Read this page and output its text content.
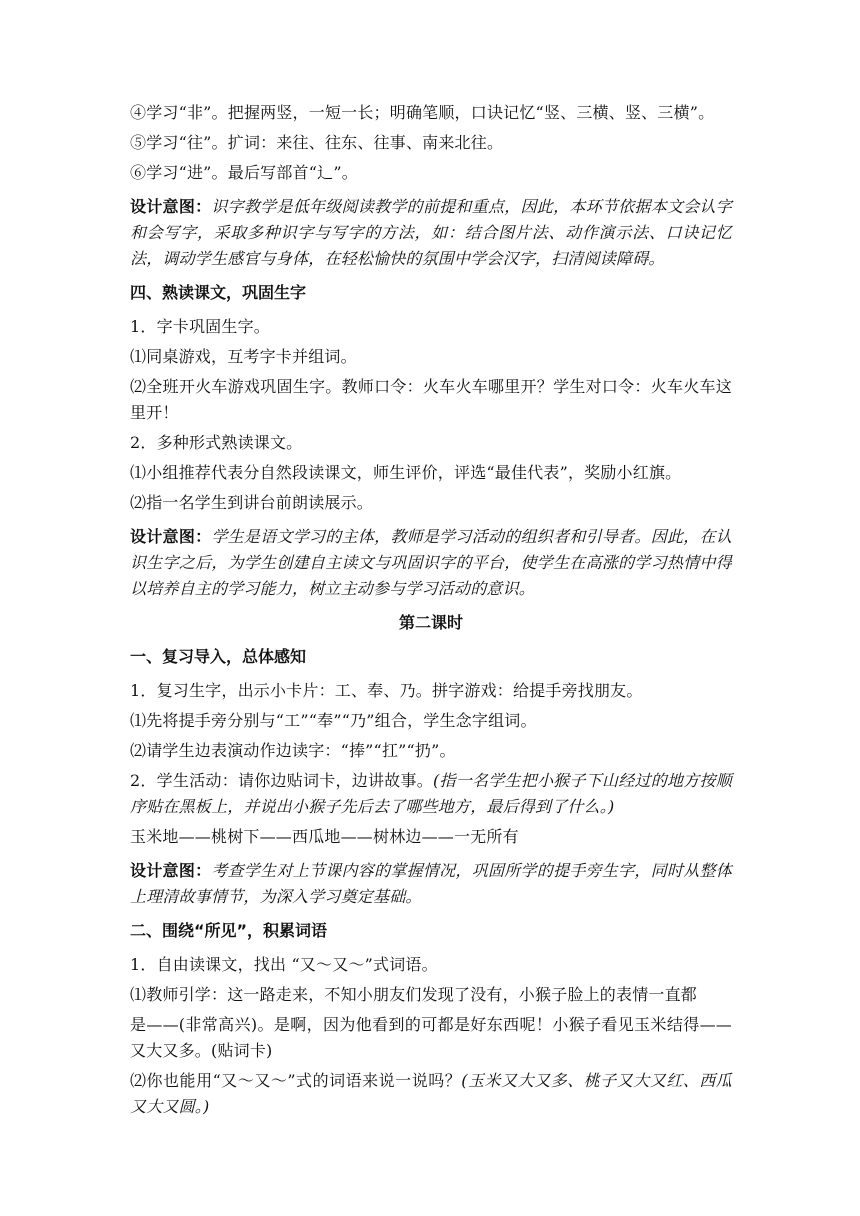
④学习“非”。把握两竖，一短一长；明确笔顺，口诀记忆“竖、三横、竖、三横”。

⑤学习“往”。扩词：来往、往东、往事、南来北往。

⑥学习“进”。最后写部首“辶”。

设计意图：识字教学是低年级阅读教学的前提和重点，因此，本环节依据本文会认字和会写字，采取多种识字与写字的方法，如：结合图片法、动作演示法、口诀记忆法，调动学生感官与身体，在轻松愉快的氛围中学会汉字，扫清阅读障碍。

四、熟读课文，巩固生字

1．字卡巩固生字。

⑴同桌游戏，互考字卡并组词。

⑵全班开火车游戏巩固生字。教师口令：火车火车哪里开？学生对口令：火车火车这里开！

2．多种形式熟读课文。

⑴小组推荐代表分自然段读课文，师生评价，评选“最佳代表”，奖励小红旗。

⑵指一名学生到讲台前朗读展示。

设计意图：学生是语文学习的主体，教师是学习活动的组织者和引导者。因此，在认识生字之后，为学生创建自主读文与巩固识字的平台，使学生在高涨的学习热情中得以培养自主的学习能力，树立主动参与学习活动的意识。

第二课时

一、复习导入，总体感知

1．复习生字，出示小卡片：工、奉、乃。拼字游戏：给提手旁找朋友。

⑴先将提手旁分别与“工”“奉”“乃”组合，学生念字组词。

⑵请学生边表演动作边读字：“捧”“扛”“扔”。

2．学生活动：请你边贴词卡，边讲故事。(指一名学生把小猴子下山经过的地方按顺序贴在黑板上，并说出小猴子先后去了哪些地方，最后得到了什么。)

玉米地——桃树下——西瓜地——树林边——一无所有

设计意图：考查学生对上节课内容的掌握情况，巩固所学的提手旁生字，同时从整体上理清故事情节，为深入学习奠定基础。

二、围绕“所见”，积累词语

1．自由读课文，找出 “又～又～”式词语。

⑴教师引学：这一路走来，不知小朋友们发现了没有，小猴子脸上的表情一直都

是——(非常高兴)。是啊，因为他看到的可都是好东西呢！小猴子看见玉米结得——又大又多。(贴词卡)

⑵你也能用“又～又～”式的词语来说一说吗？(玉米又大又多、桃子又大又红、西瓜又大又圆。)
